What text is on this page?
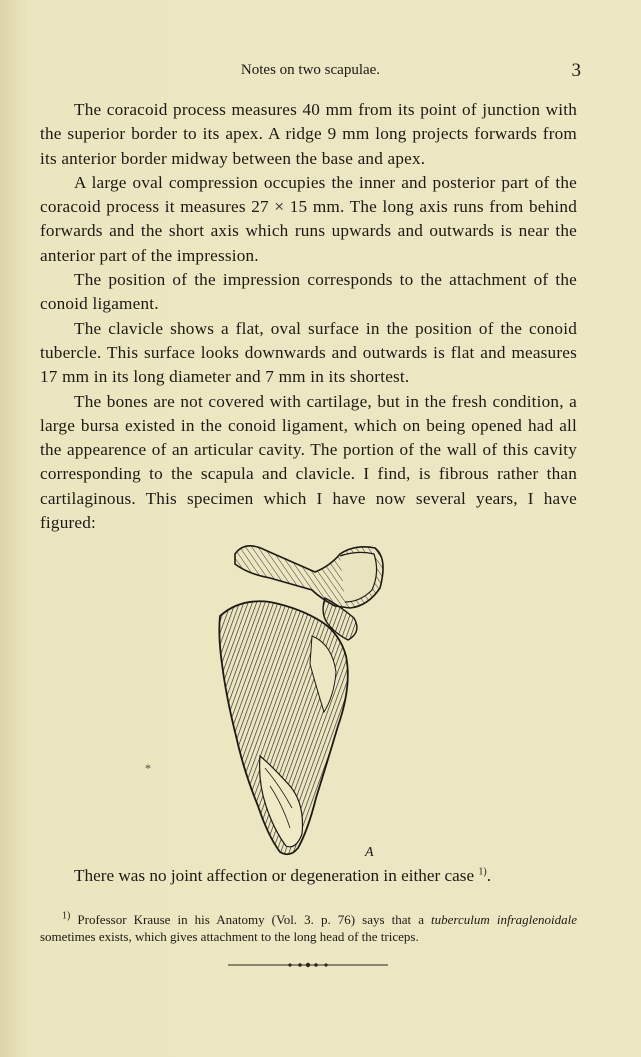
Notes on two scapulae.	3

The coracoid process measures 40 mm from its point of junction with the superior border to its apex. A ridge 9 mm long projects forwards from its anterior border midway between the base and apex.

A large oval compression occupies the inner and posterior part of the coracoid process it measures 27 × 15 mm. The long axis runs from behind forwards and the short axis which runs upwards and outwards is near the anterior part of the impression.

The position of the impression corresponds to the attachment of the conoid ligament.

The clavicle shows a flat, oval surface in the position of the conoid tubercle. This surface looks downwards and outwards is flat and measures 17 mm in its long diameter and 7 mm in its shortest.

The bones are not covered with cartilage, but in the fresh condition, a large bursa existed in the conoid ligament, which on being opened had all the appearence of an articular cavity. The portion of the wall of this cavity corresponding to the scapula and clavicle. I find, is fibrous rather than cartilaginous. This specimen which I have now several years, I have figured:

A
*

There was no joint affection or degeneration in either case $^{1)}$.

$^{1)}$ Professor Krause in his Anatomy (Vol. 3. p. 76) says that a tuberculum infraglenoidale sometimes exists, which gives attachment to the long head of the triceps.
